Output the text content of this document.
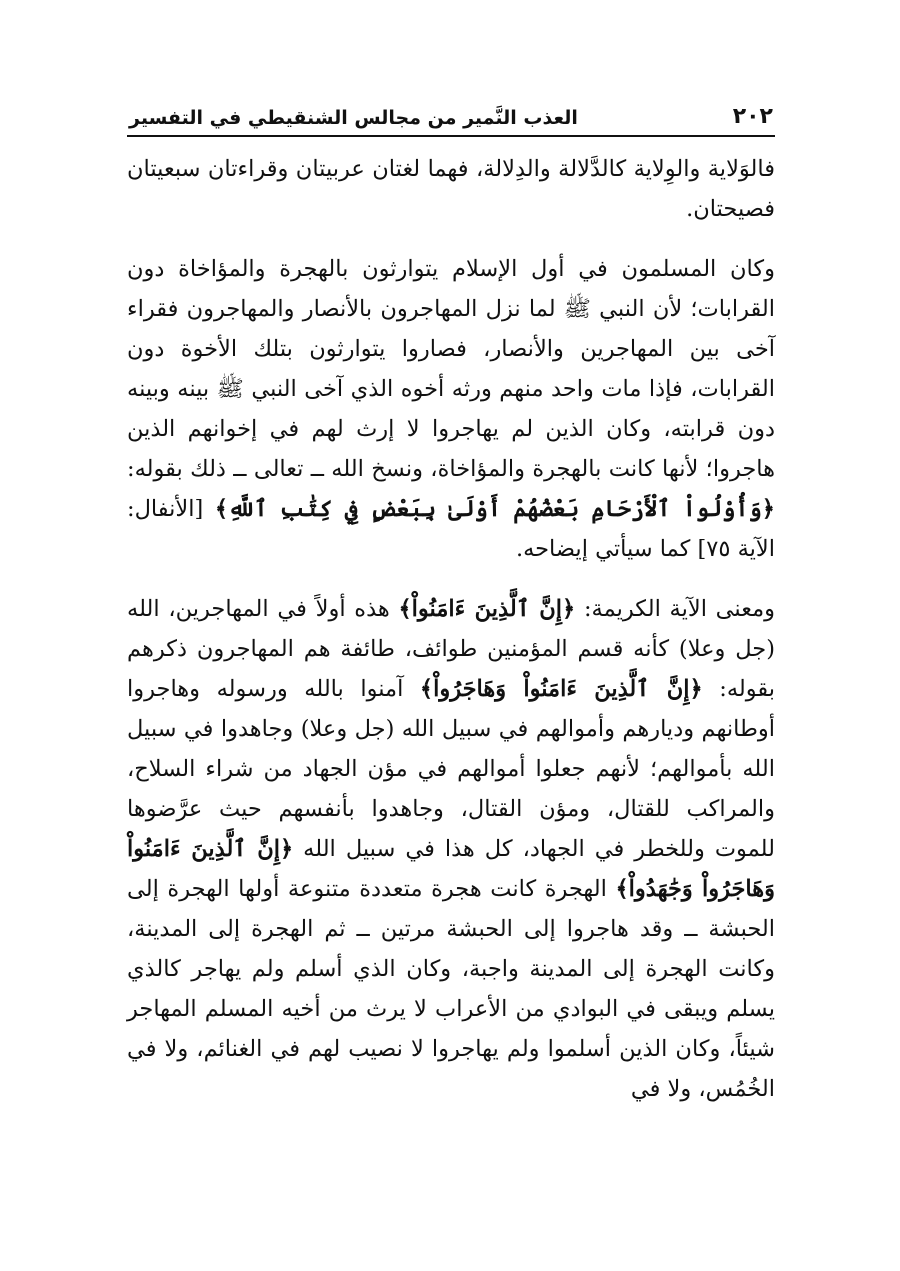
٢٠٢
العذب النَّمير من مجالس الشنقيطي في التفسير

فالوَلاية والوِلاية كالدَّلالة والدِلالة، فهما لغتان عربيتان وقراءتان سبعيتان فصيحتان.

وكان المسلمون في أول الإسلام يتوارثون بالهجرة والمؤاخاة دون القرابات؛ لأن النبي ﷺ لما نزل المهاجرون بالأنصار والمهاجرون فقراء آخى بين المهاجرين والأنصار، فصاروا يتوارثون بتلك الأخوة دون القرابات، فإذا مات واحد منهم ورثه أخوه الذي آخى النبي ﷺ بينه وبينه دون قرابته، وكان الذين لم يهاجروا لا إرث لهم في إخوانهم الذين هاجروا؛ لأنها كانت بالهجرة والمؤاخاة، ونسخ الله ــ تعالى ــ ذلك بقوله: ﴿وَأُوْلُواْ ٱلْأَرْحَامِ بَعْضُهُمْ أَوْلَىٰ بِبَعْضٍ فِي كِتَٰبِ ٱللَّهِ﴾ [الأنفال: الآية ٧٥] كما سيأتي إيضاحه.

ومعنى الآية الكريمة: ﴿إِنَّ ٱلَّذِينَ ءَامَنُواْ﴾ هذه أولاً في المهاجرين، الله (جل وعلا) كأنه قسم المؤمنين طوائف، طائفة هم المهاجرون ذكرهم بقوله: ﴿إِنَّ ٱلَّذِينَ ءَامَنُواْ وَهَاجَرُواْ﴾ آمنوا بالله ورسوله وهاجروا أوطانهم وديارهم وأموالهم في سبيل الله (جل وعلا) وجاهدوا في سبيل الله بأموالهم؛ لأنهم جعلوا أموالهم في مؤن الجهاد من شراء السلاح، والمراكب للقتال، ومؤن القتال، وجاهدوا بأنفسهم حيث عرَّضوها للموت وللخطر في الجهاد، كل هذا في سبيل الله ﴿إِنَّ ٱلَّذِينَ ءَامَنُواْ وَهَاجَرُواْ وَجَٰهَدُواْ﴾ الهجرة كانت هجرة متعددة متنوعة أولها الهجرة إلى الحبشة ــ وقد هاجروا إلى الحبشة مرتين ــ ثم الهجرة إلى المدينة، وكانت الهجرة إلى المدينة واجبة، وكان الذي أسلم ولم يهاجر كالذي يسلم ويبقى في البوادي من الأعراب لا يرث من أخيه المسلم المهاجر شيئاً، وكان الذين أسلموا ولم يهاجروا لا نصيب لهم في الغنائم، ولا في الخُمُس، ولا في
